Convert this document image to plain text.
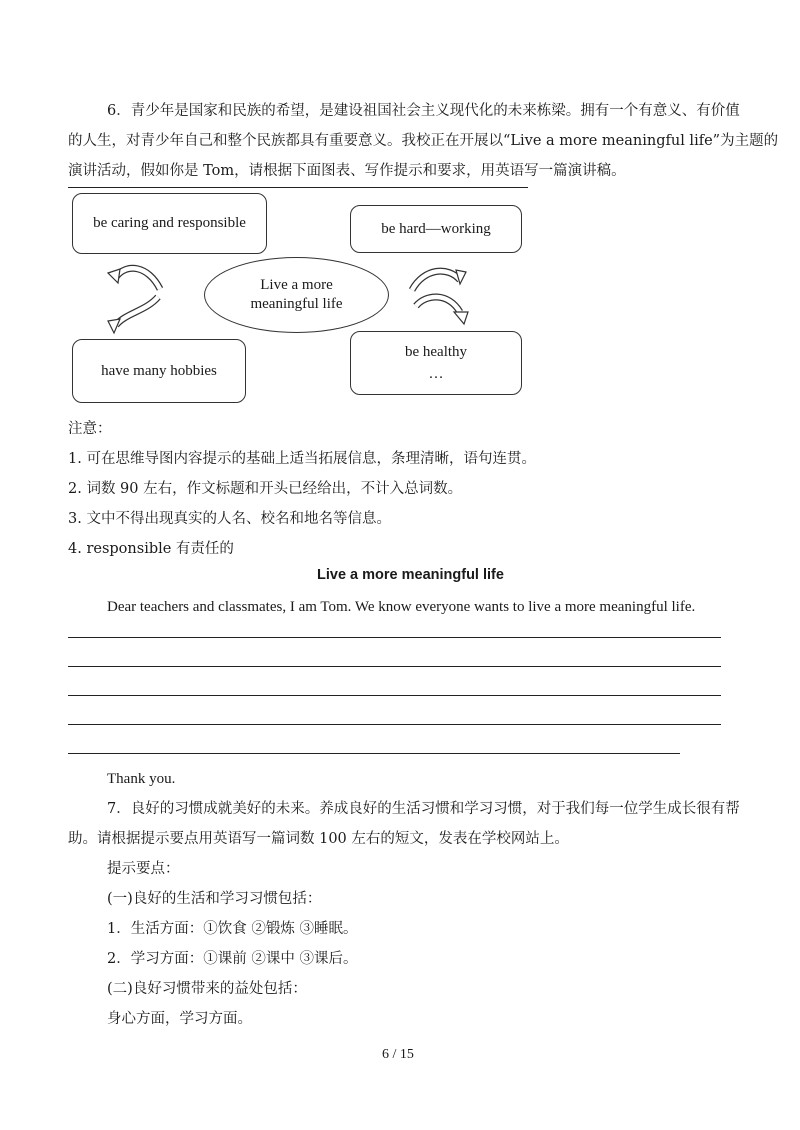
6．青少年是国家和民族的希望，是建设祖国社会主义现代化的未来栋梁。拥有一个有意义、有价值
的人生，对青少年自己和整个民族都具有重要意义。我校正在开展以“Live a more meaningful life”为主题的
演讲活动，假如你是 Tom，请根据下面图表、写作提示和要求，用英语写一篇演讲稿。
be caring and responsible	be hard—working
Live a more
meaningful life
have many hobbies
be healthy
…
注意：
1. 可在思维导图内容提示的基础上适当拓展信息，条理清晰，语句连贯。
2. 词数 90 左右，作文标题和开头已经给出，不计入总词数。
3. 文中不得出现真实的人名、校名和地名等信息。
4. responsible 有责任的
Live a more meaningful life
Dear teachers and classmates, I am Tom. We know everyone wants to live a more meaningful life.
Thank you.
7．良好的习惯成就美好的未来。养成良好的生活习惯和学习习惯，对于我们每一位学生成长很有帮
助。请根据提示要点用英语写一篇词数 100 左右的短文，发表在学校网站上。
提示要点：
(一)良好的生活和学习习惯包括：
1．生活方面：①饮食 ②锻炼 ③睡眠。
2．学习方面：①课前 ②课中 ③课后。
(二)良好习惯带来的益处包括：
身心方面，学习方面。
6 / 15
